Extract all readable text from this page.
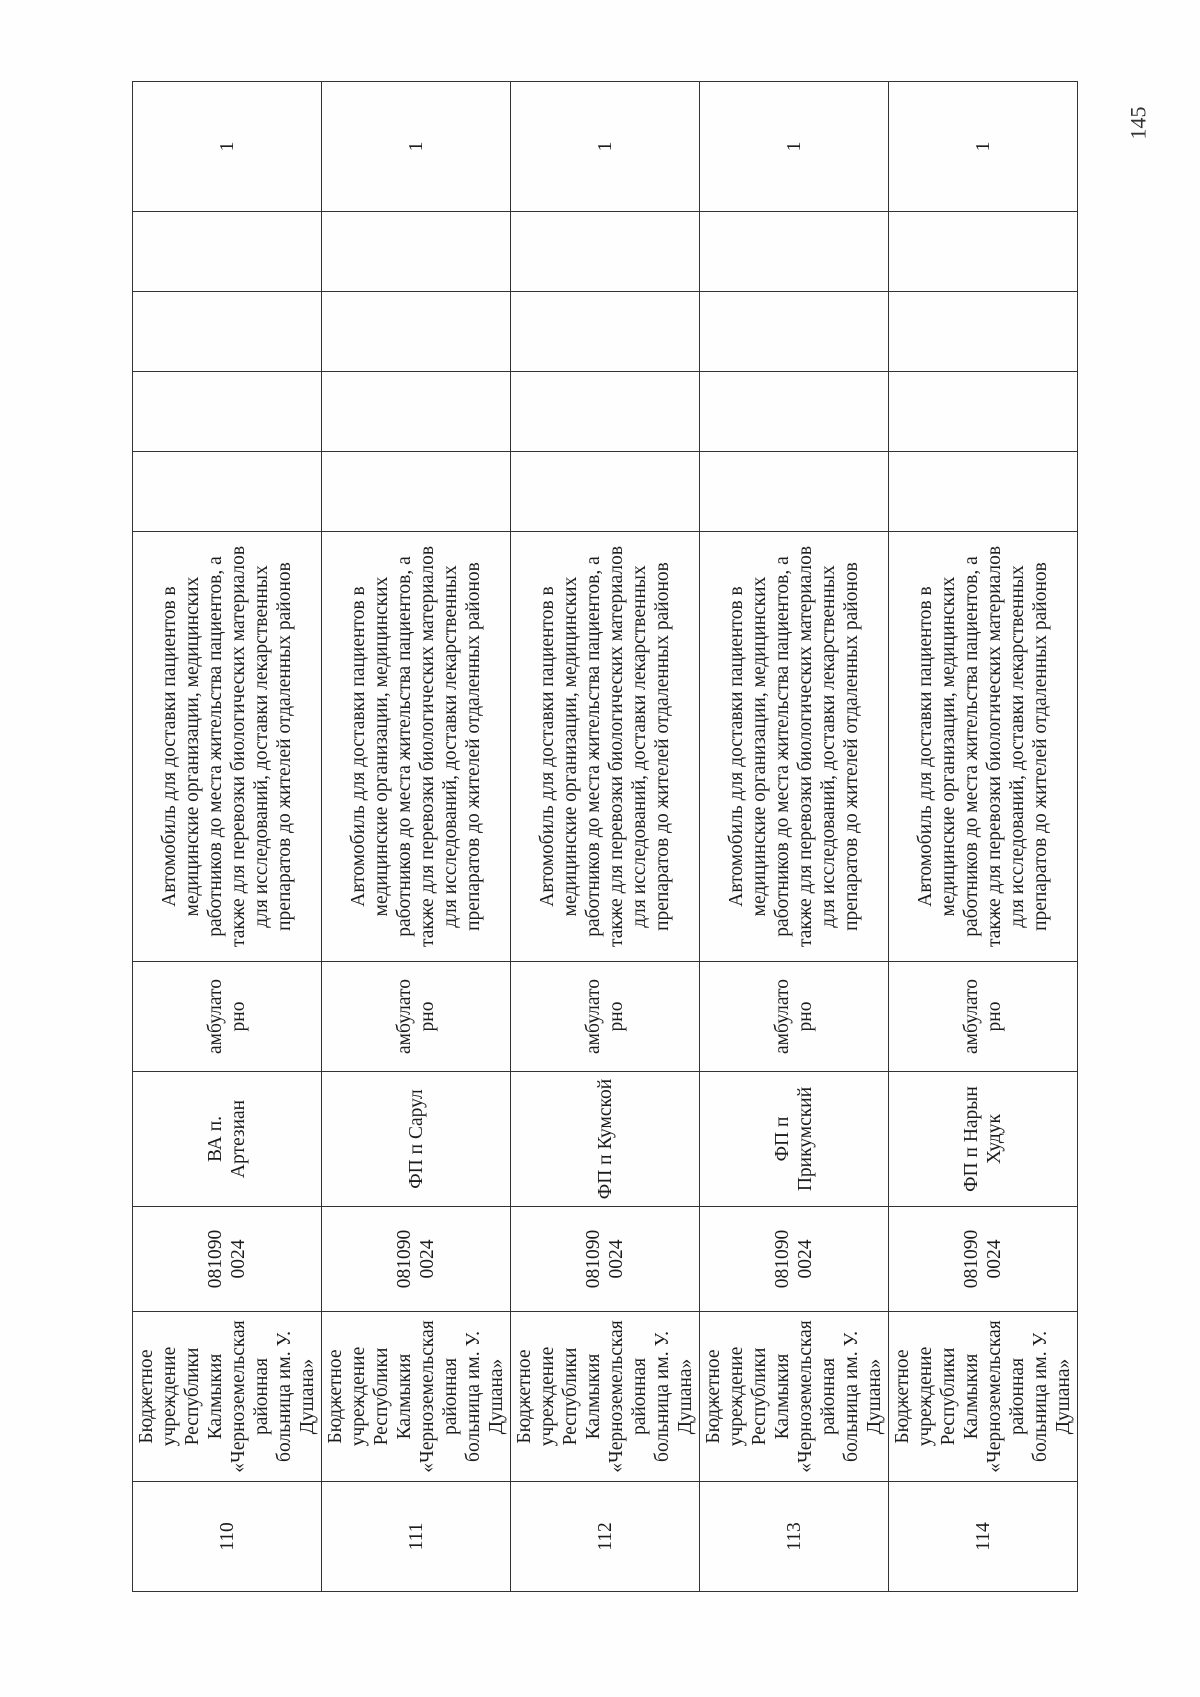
110	Бюджетное учреждение Республики Калмыкия «Черноземельская районная больница им. У. Душана»	081090 0024	ВА п. Артезиан	амбулато рно	Автомобиль для доставки пациентов в медицинские организации, медицинских работников до места жительства пациентов, а также для перевозки биологических материалов для исследований, доставки лекарственных препаратов до жителей отдаленных районов					1
111	Бюджетное учреждение Республики Калмыкия «Черноземельская районная больница им. У. Душана»	081090 0024	ФП п Сарул	амбулато рно	Автомобиль для доставки пациентов в медицинские организации, медицинских работников до места жительства пациентов, а также для перевозки биологических материалов для исследований, доставки лекарственных препаратов до жителей отдаленных районов					1
112	Бюджетное учреждение Республики Калмыкия «Черноземельская районная больница им. У. Душана»	081090 0024	ФП п Кумской	амбулато рно	Автомобиль для доставки пациентов в медицинские организации, медицинских работников до места жительства пациентов, а также для перевозки биологических материалов для исследований, доставки лекарственных препаратов до жителей отдаленных районов					1
113	Бюджетное учреждение Республики Калмыкия «Черноземельская районная больница им. У. Душана»	081090 0024	ФП п Прикумский	амбулато рно	Автомобиль для доставки пациентов в медицинские организации, медицинских работников до места жительства пациентов, а также для перевозки биологических материалов для исследований, доставки лекарственных препаратов до жителей отдаленных районов					1
114	Бюджетное учреждение Республики Калмыкия «Черноземельская районная больница им. У. Душана»	081090 0024	ФП п Нарын Худук	амбулато рно	Автомобиль для доставки пациентов в медицинские организации, медицинских работников до места жительства пациентов, а также для перевозки биологических материалов для исследований, доставки лекарственных препаратов до жителей отдаленных районов					1
145
